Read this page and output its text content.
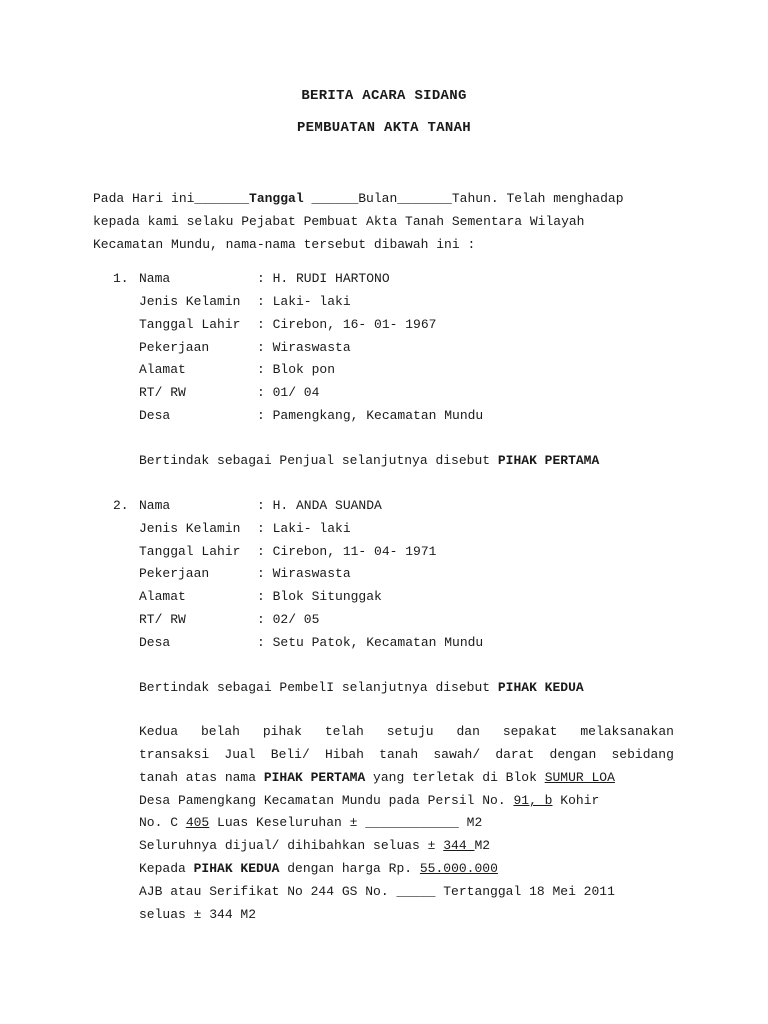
BERITA ACARA SIDANG
PEMBUATAN AKTA TANAH
Pada Hari ini_______Tanggal ______Bulan_______Tahun. Telah menghadap
kepada kami selaku Pejabat Pembuat Akta Tanah Sementara Wilayah
Kecamatan Mundu, nama-nama tersebut dibawah ini :
1. Nama	: H. RUDI HARTONO
Jenis Kelamin : Laki- laki
Tanggal Lahir : Cirebon, 16- 01- 1967
Pekerjaan	: Wiraswasta
Alamat	: Blok pon
RT/ RW	: 01/ 04
Desa	: Pamengkang, Kecamatan Mundu
Bertindak sebagai Penjual selanjutnya disebut PIHAK PERTAMA
2. Nama	: H. ANDA SUANDA
Jenis Kelamin : Laki- laki
Tanggal Lahir : Cirebon, 11- 04- 1971
Pekerjaan	: Wiraswasta
Alamat	: Blok Situnggak
RT/ RW	: 02/ 05
Desa	: Setu Patok, Kecamatan Mundu
Bertindak sebagai PembelI selanjutnya disebut PIHAK KEDUA
Kedua belah pihak telah setuju dan sepakat melaksanakan
transaksi Jual Beli/ Hibah tanah sawah/ darat dengan sebidang
tanah atas nama PIHAK PERTAMA yang terletak di Blok SUMUR LOA
Desa Pamengkang Kecamatan Mundu pada Persil No. 91, b Kohir
No. C 405 Luas Keseluruhan ± ____________ M2
Seluruhnya dijual/ dihibahkan seluas ± 344 M2
Kepada PIHAK KEDUA dengan harga Rp. 55.000.000
AJB atau Serifikat No 244 GS No. _____ Tertanggal 18 Mei 2011
seluas ± 344 M2
